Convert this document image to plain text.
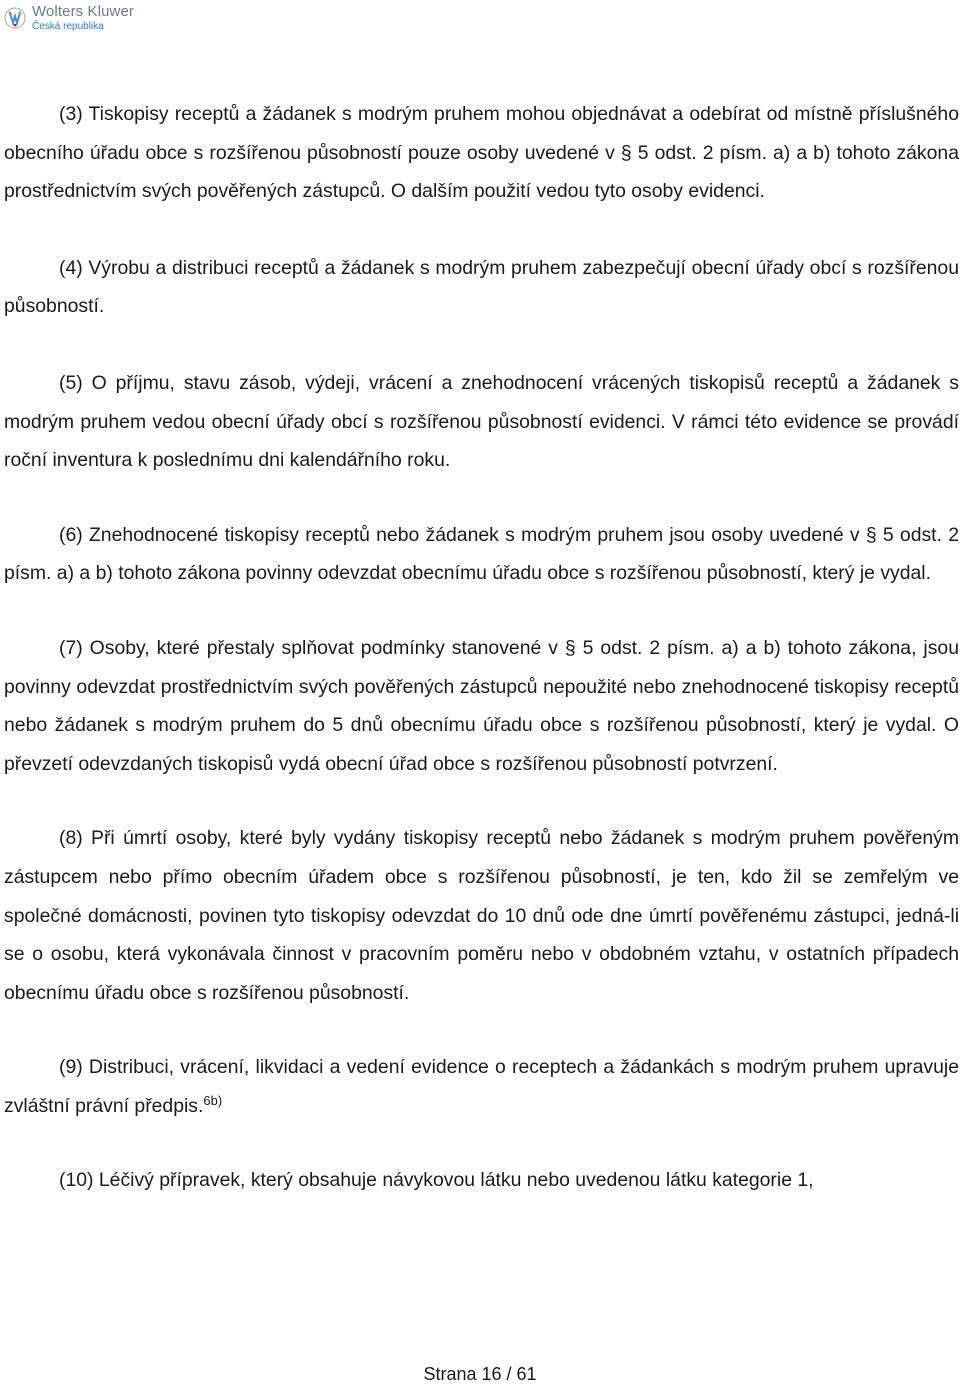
Wolters Kluwer
Česká republika

(3) Tiskopisy receptů a žádanek s modrým pruhem mohou objednávat a odebírat od místně příslušného obecního úřadu obce s rozšířenou působností pouze osoby uvedené v § 5 odst. 2 písm. a) a b) tohoto zákona prostřednictvím svých pověřených zástupců. O dalším použití vedou tyto osoby evidenci.

(4) Výrobu a distribuci receptů a žádanek s modrým pruhem zabezpečují obecní úřady obcí s rozšířenou působností.

(5) O příjmu, stavu zásob, výdeji, vrácení a znehodnocení vrácených tiskopisů receptů a žádanek s modrým pruhem vedou obecní úřady obcí s rozšířenou působností evidenci. V rámci této evidence se provádí roční inventura k poslednímu dni kalendářního roku.

(6) Znehodnocené tiskopisy receptů nebo žádanek s modrým pruhem jsou osoby uvedené v § 5 odst. 2 písm. a) a b) tohoto zákona povinny odevzdat obecnímu úřadu obce s rozšířenou působností, který je vydal.

(7) Osoby, které přestaly splňovat podmínky stanovené v § 5 odst. 2 písm. a) a b) tohoto zákona, jsou povinny odevzdat prostřednictvím svých pověřených zástupců nepoužité nebo znehodnocené tiskopisy receptů nebo žádanek s modrým pruhem do 5 dnů obecnímu úřadu obce s rozšířenou působností, který je vydal. O převzetí odevzdaných tiskopisů vydá obecní úřad obce s rozšířenou působností potvrzení.

(8) Při úmrtí osoby, které byly vydány tiskopisy receptů nebo žádanek s modrým pruhem pověřeným zástupcem nebo přímo obecním úřadem obce s rozšířenou působností, je ten, kdo žil se zemřelým ve společné domácnosti, povinen tyto tiskopisy odevzdat do 10 dnů ode dne úmrtí pověřenému zástupci, jedná-li se o osobu, která vykonávala činnost v pracovním poměru nebo v obdobném vztahu, v ostatních případech obecnímu úřadu obce s rozšířenou působností.

(9) Distribuci, vrácení, likvidaci a vedení evidence o receptech a žádankách s modrým pruhem upravuje zvláštní právní předpis.$^{6b)}$

(10) Léčivý přípravek, který obsahuje návykovou látku nebo uvedenou látku kategorie 1,

Strana 16 / 61
